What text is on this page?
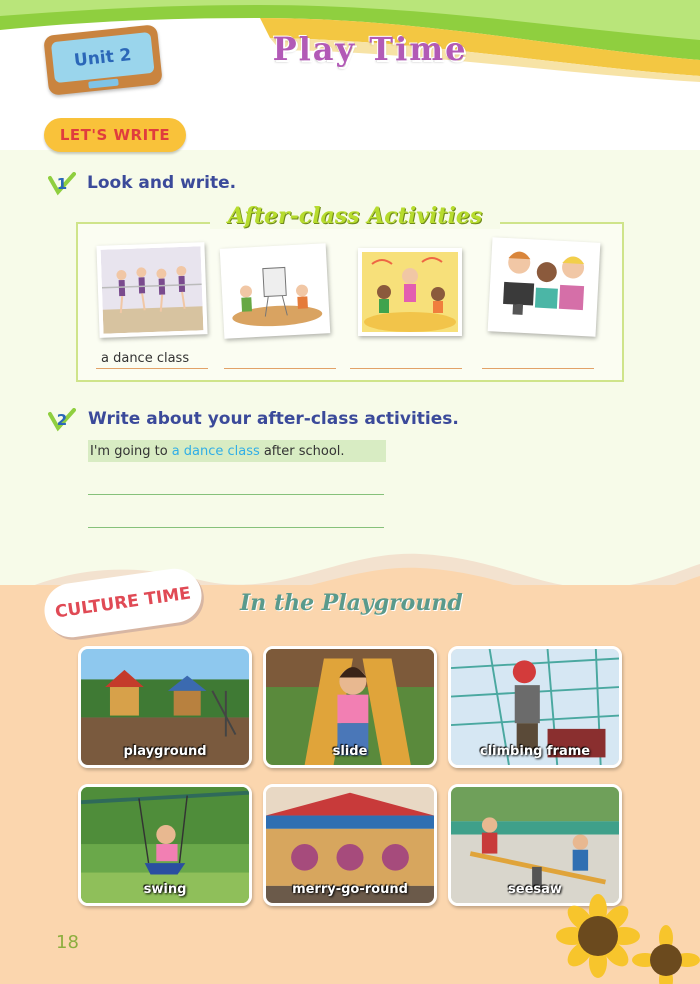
Unit 2	Play Time
LET'S WRITE
1 Look and write.
After-class Activities
a dance class
2 Write about your after-class activities.
I'm going to a dance class after school.
CULTURE TIME In the Playground
playground	slide	climbing frame
swing	merry-go-round	seesaw
18
